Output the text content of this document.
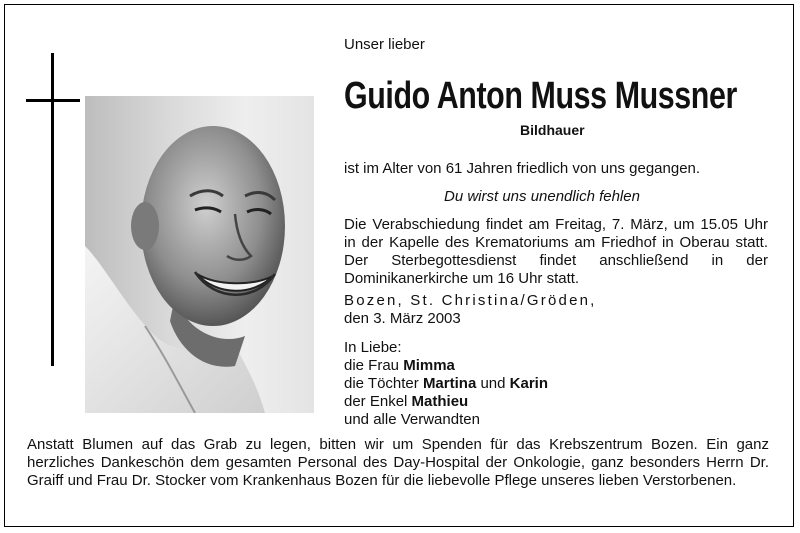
Unser lieber
Guido Anton Muss Mussner
Bildhauer
ist im Alter von 61 Jahren friedlich von uns gegangen.
Du wirst uns unendlich fehlen
Die Verabschiedung findet am Freitag, 7. März, um 15.05 Uhr in der Kapelle des Krematoriums am Friedhof in Oberau statt. Der Sterbegottesdienst findet anschließend in der Dominikanerkirche um 16 Uhr statt.
Bozen, St. Christina/Gröden,
den 3. März 2003
In Liebe:
die Frau Mimma
die Töchter Martina und Karin
der Enkel Mathieu
und alle Verwandten
Anstatt Blumen auf das Grab zu legen, bitten wir um Spenden für das Krebszentrum Bozen. Ein ganz herzliches Dankeschön dem gesamten Personal des Day-Hospital der Onkologie, ganz besonders Herrn Dr. Graiff und Frau Dr. Stocker vom Krankenhaus Bozen für die liebevolle Pflege unseres lieben Verstorbenen.
